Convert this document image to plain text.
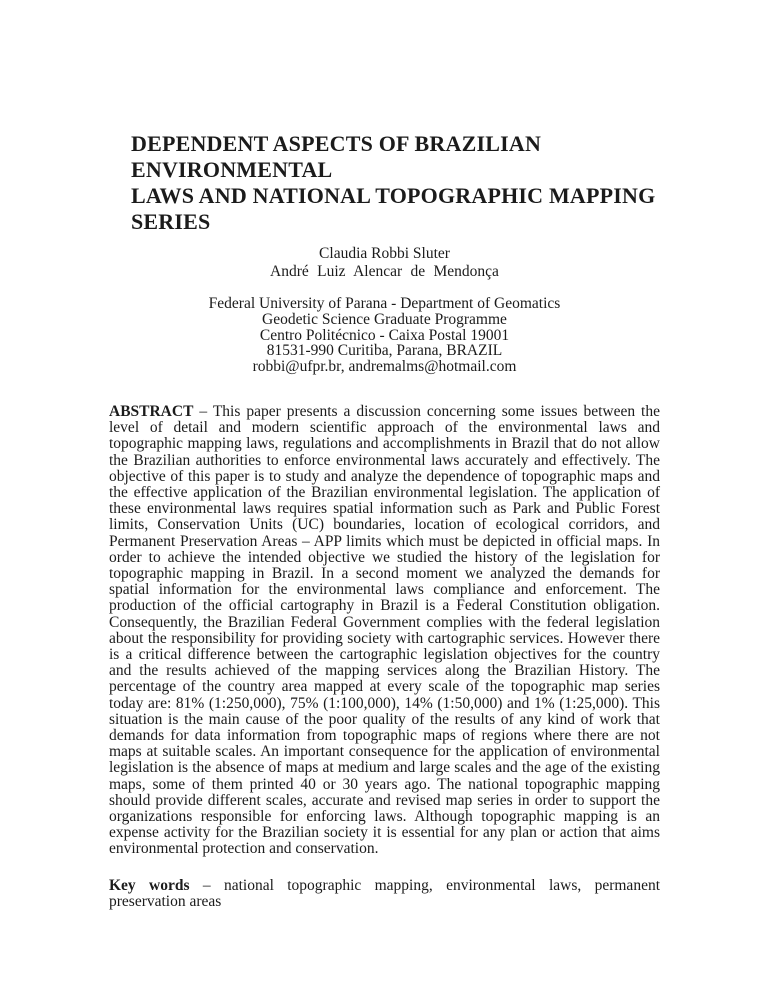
DEPENDENT ASPECTS OF BRAZILIAN ENVIRONMENTAL
LAWS AND NATIONAL TOPOGRAPHIC MAPPING SERIES
Claudia Robbi Sluter
André Luiz Alencar de Mendonça
Federal University of Parana - Department of Geomatics
Geodetic Science Graduate Programme
Centro Politécnico - Caixa Postal 19001
81531-990 Curitiba, Parana, BRAZIL
robbi@ufpr.br, andremalms@hotmail.com

ABSTRACT – This paper presents a discussion concerning some issues between the level of detail and modern scientific approach of the environmental laws and topographic mapping laws, regulations and accomplishments in Brazil that do not allow the Brazilian authorities to enforce environmental laws accurately and effectively. The objective of this paper is to study and analyze the dependence of topographic maps and the effective application of the Brazilian environmental legislation. The application of these environmental laws requires spatial information such as Park and Public Forest limits, Conservation Units (UC) boundaries, location of ecological corridors, and Permanent Preservation Areas – APP limits which must be depicted in official maps. In order to achieve the intended objective we studied the history of the legislation for topographic mapping in Brazil. In a second moment we analyzed the demands for spatial information for the environmental laws compliance and enforcement. The production of the official cartography in Brazil is a Federal Constitution obligation. Consequently, the Brazilian Federal Government complies with the federal legislation about the responsibility for providing society with cartographic services. However there is a critical difference between the cartographic legislation objectives for the country and the results achieved of the mapping services along the Brazilian History. The percentage of the country area mapped at every scale of the topographic map series today are: 81% (1:250,000), 75% (1:100,000), 14% (1:50,000) and 1% (1:25,000). This situation is the main cause of the poor quality of the results of any kind of work that demands for data information from topographic maps of regions where there are not maps at suitable scales. An important consequence for the application of environmental legislation is the absence of maps at medium and large scales and the age of the existing maps, some of them printed 40 or 30 years ago. The national topographic mapping should provide different scales, accurate and revised map series in order to support the organizations responsible for enforcing laws. Although topographic mapping is an expense activity for the Brazilian society it is essential for any plan or action that aims environmental protection and conservation.

Key words – national topographic mapping, environmental laws, permanent preservation areas
